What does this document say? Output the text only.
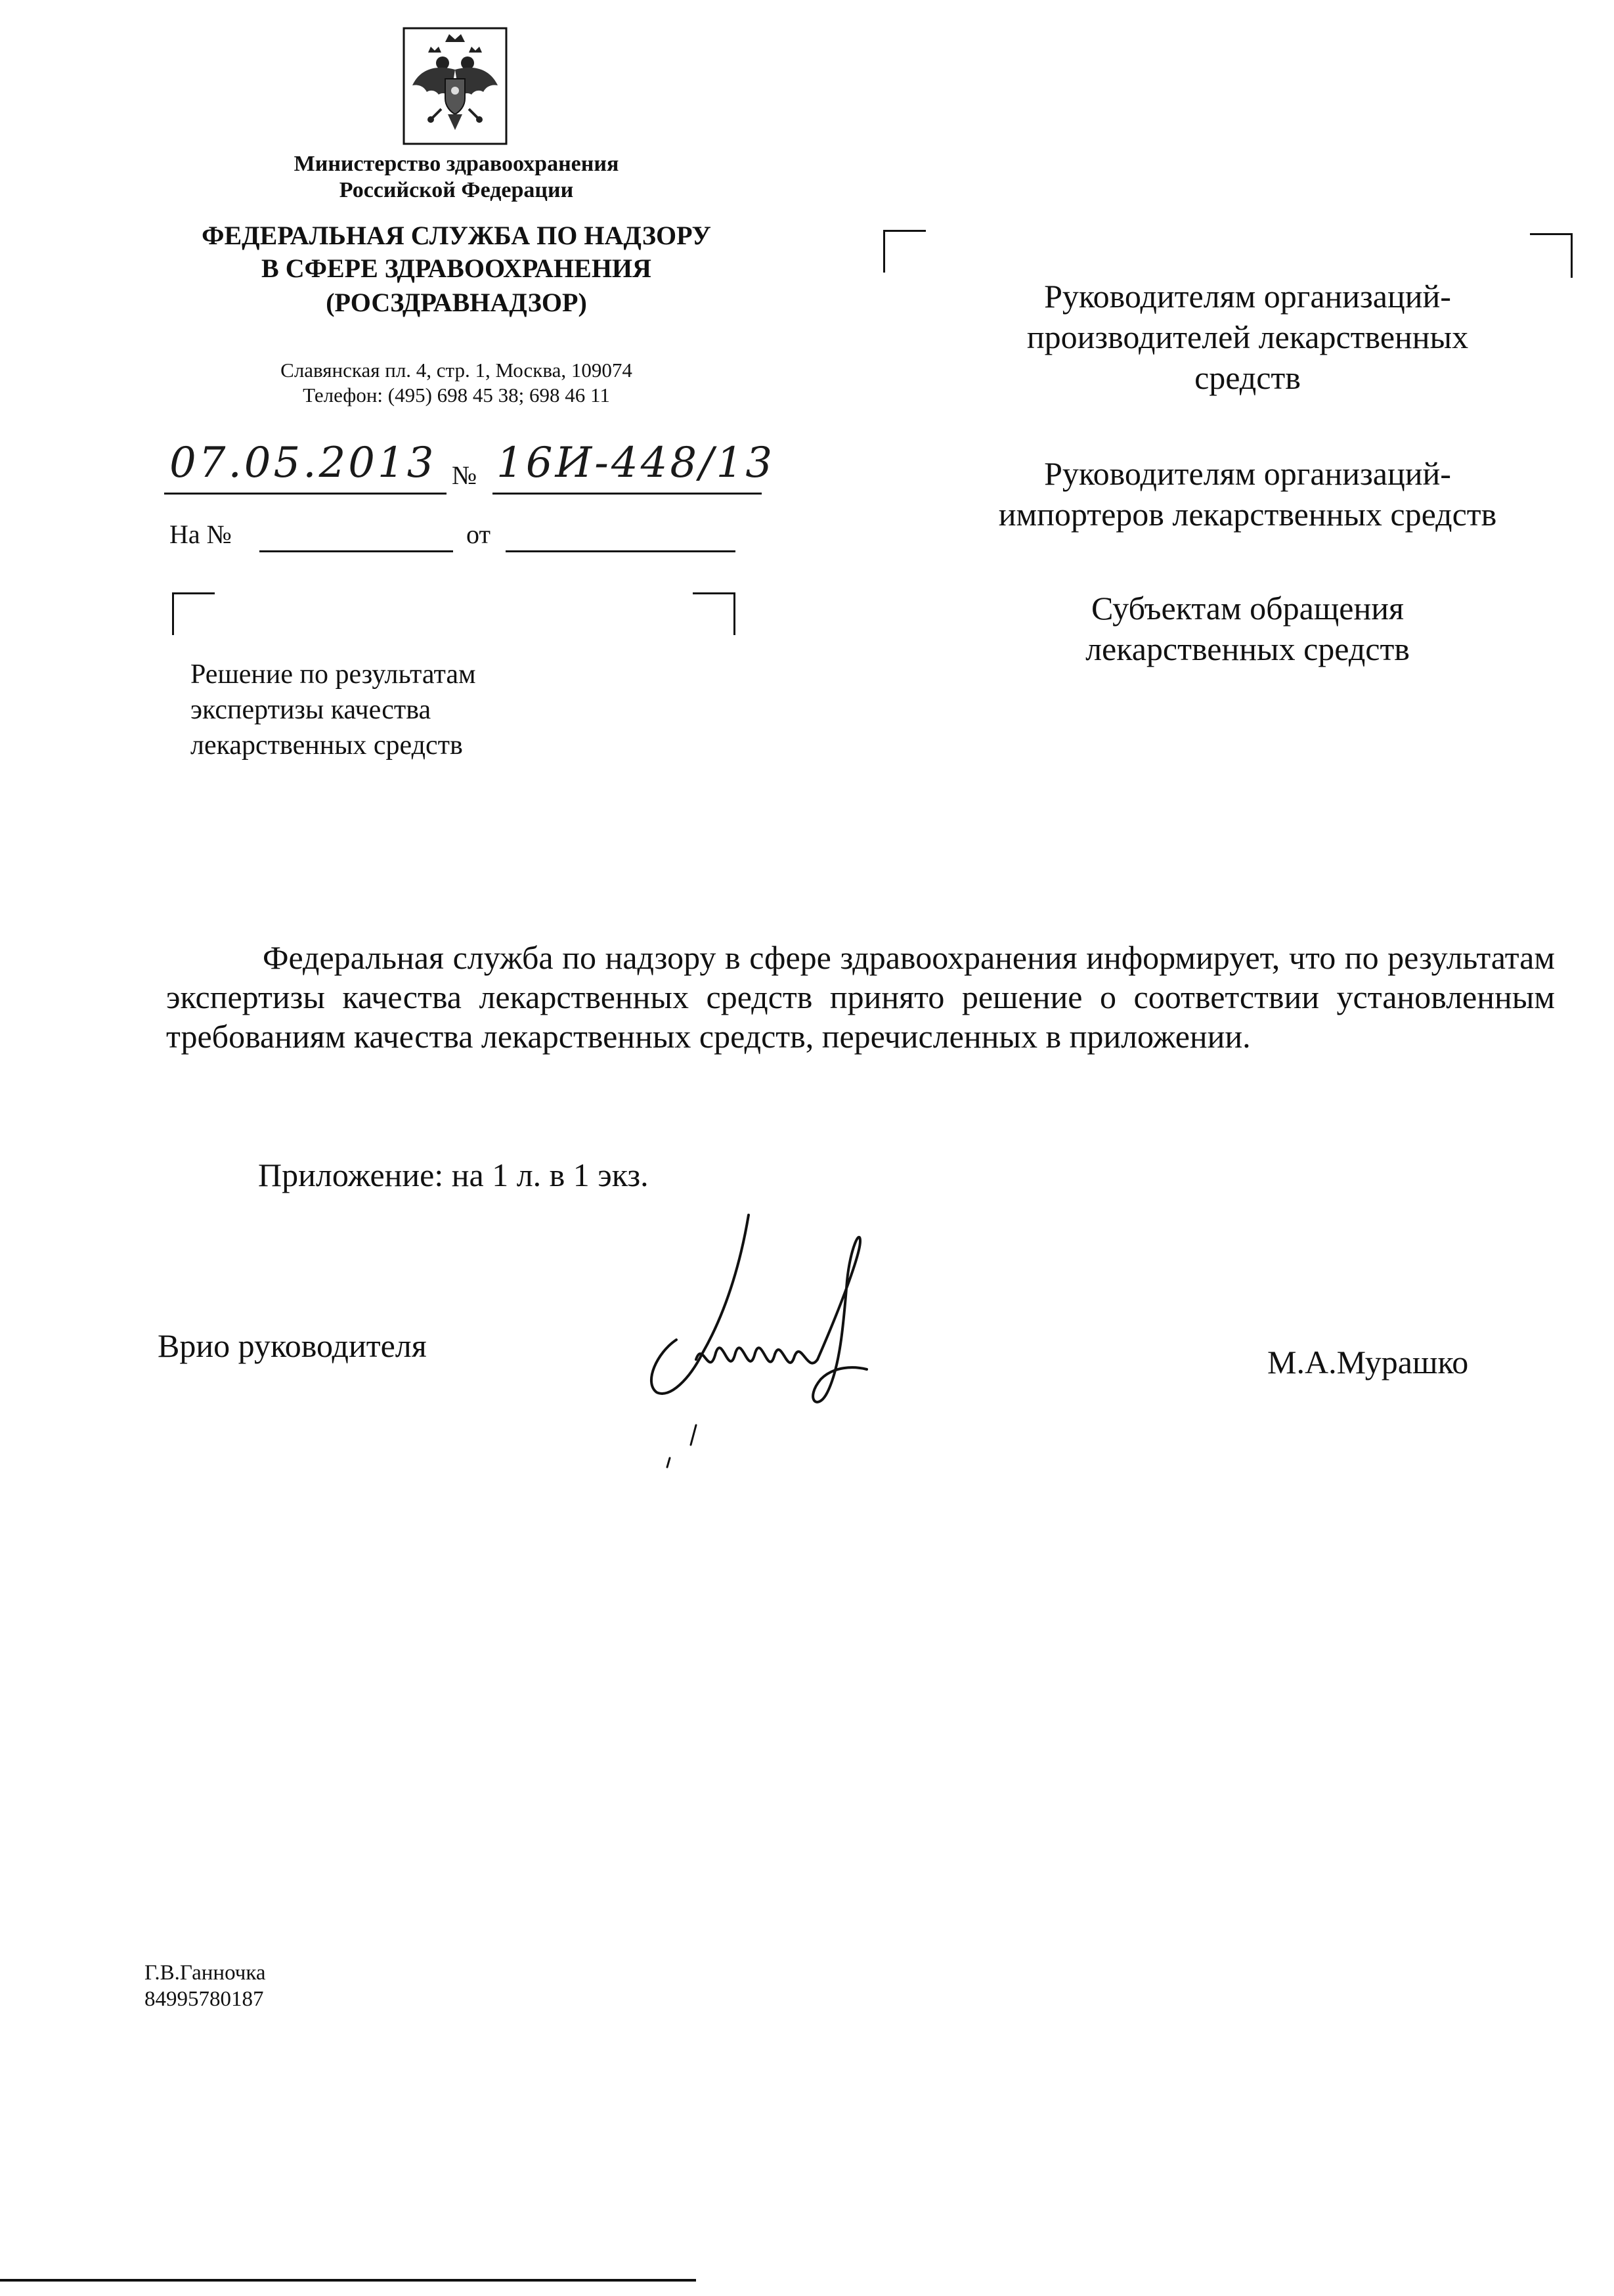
Министерство здравоохранения
Российской Федерации
ФЕДЕРАЛЬНАЯ СЛУЖБА ПО НАДЗОРУ
В СФЕРЕ ЗДРАВООХРАНЕНИЯ
(РОСЗДРАВНАДЗОР)
Славянская пл. 4, стр. 1, Москва, 109074
Телефон: (495) 698 45 38; 698 46 11
07.05.2013 № 16И-448/13
На №	от
Решение по результатам
экспертизы качества
лекарственных средств
Руководителям организаций-
производителей лекарственных
средств
Руководителям организаций-
импортеров лекарственных средств
Субъектам обращения
лекарственных средств
Федеральная служба по надзору в сфере здравоохранения информирует, что по результатам экспертизы качества лекарственных средств принято решение о соответствии установленным требованиям качества лекарственных средств, перечисленных в приложении.
Приложение: на 1 л. в 1 экз.
Врио руководителя	М.А.Мурашко
Г.В.Ганночка
84995780187
